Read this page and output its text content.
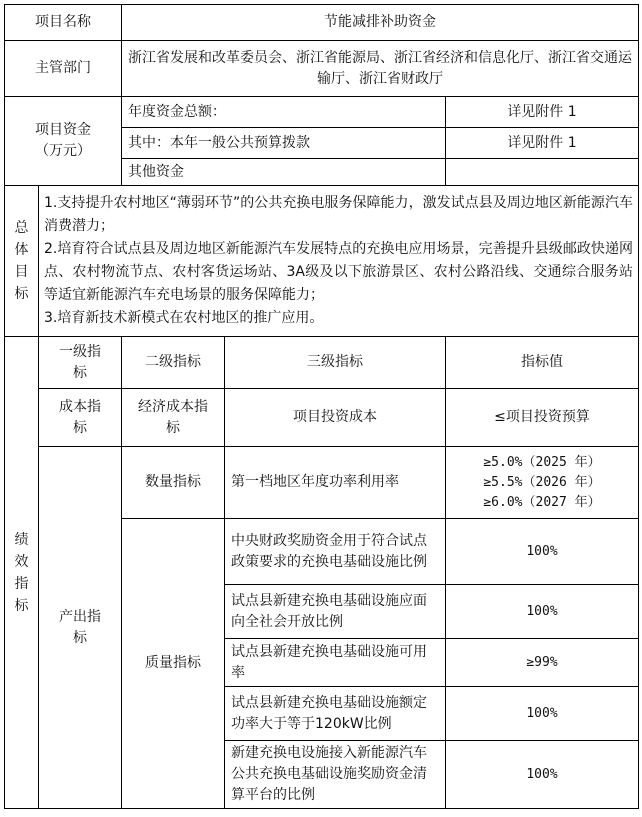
项目名称		节能减排补助资金		
主管部门		浙江省发展和改革委员会、浙江省能源局、浙江省经济和信息化厅、浙江省交通运输厅、浙江省财政厅		

项目资金
（万元）		年度资金总额：		详见附件 1
		其中：本年一般公共预算拨款		详见附件 1
		其他资金		
总体目标	1.支持提升农村地区“薄弱环节”的公共充换电服务保障能力，激发试点县及周边地区新能源汽车消费潜力；
2.培育符合试点县及周边地区新能源汽车发展特点的充换电应用场景，完善提升县级邮政快递网点、农村物流节点、农村客货运场站、3A级及以下旅游景区、农村公路沿线、交通综合服务站等适宜新能源汽车充电场景的服务保障能力；
3.培育新技术新模式在农村地区的推广应用。			

绩效指标	一级指标	二级指标	三级指标	指标值
	成本指标	经济成本指标	项目投资成本	≤项目投资预算
	产出指标	数量指标	第一档地区年度功率利用率	≥5.0%（2025 年）
≥5.5%（2026 年）
≥6.0%（2027 年）

		质量指标	中央财政奖励资金用于符合试点政策要求的充换电基础设施比例	100%
			试点县新建充换电基础设施应面向全社会开放比例	100%
			试点县新建充换电基础设施可用率	≥99%
			试点县新建充换电基础设施额定功率大于等于120kW比例	100%
			新建充换电设施接入新能源汽车公共充换电基础设施奖励资金清算平台的比例	100%
